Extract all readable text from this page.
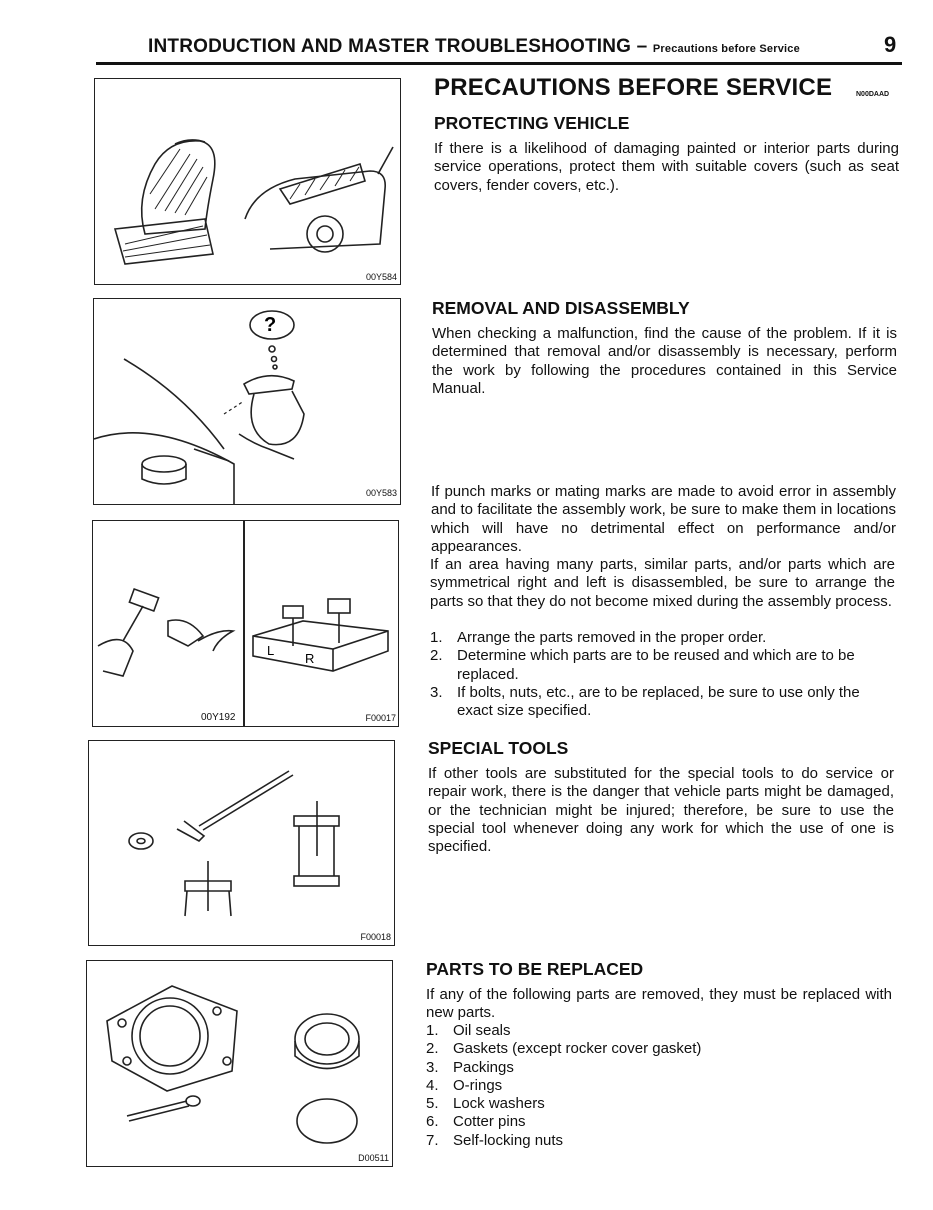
INTRODUCTION AND MASTER TROUBLESHOOTING – Precautions before Service	9
00Y584
?
00Y583
L
R
00Y192	F00017
F00018
D00511
PRECAUTIONS BEFORE SERVICE	N00DAAD
PROTECTING VEHICLE
If there is a likelihood of damaging painted or interior parts during service operations, protect them with suitable covers (such as seat covers, fender covers, etc.).
REMOVAL AND DISASSEMBLY
When checking a malfunction, find the cause of the problem. If it is determined that removal and/or disassembly is necessary, perform the work by following the procedures contained in this Service Manual.
If punch marks or mating marks are made to avoid error in assembly and to facilitate the assembly work, be sure to make them in locations which will have no detrimental effect on performance and/or appearances.
If an area having many parts, similar parts, and/or parts which are symmetrical right and left is disassembled, be sure to arrange the parts so that they do not become mixed during the assembly process.
1. Arrange the parts removed in the proper order.
2. Determine which parts are to be reused and which are to be replaced.
3. If bolts, nuts, etc., are to be replaced, be sure to use only the exact size specified.
SPECIAL TOOLS
If other tools are substituted for the special tools to do service or repair work, there is the danger that vehicle parts might be damaged, or the technician might be injured; therefore, be sure to use the special tool whenever doing any work for which the use of one is specified.
PARTS TO BE REPLACED
If any of the following parts are removed, they must be replaced with new parts.
1. Oil seals
2. Gaskets (except rocker cover gasket)
3. Packings
4. O-rings
5. Lock washers
6. Cotter pins
7. Self-locking nuts
